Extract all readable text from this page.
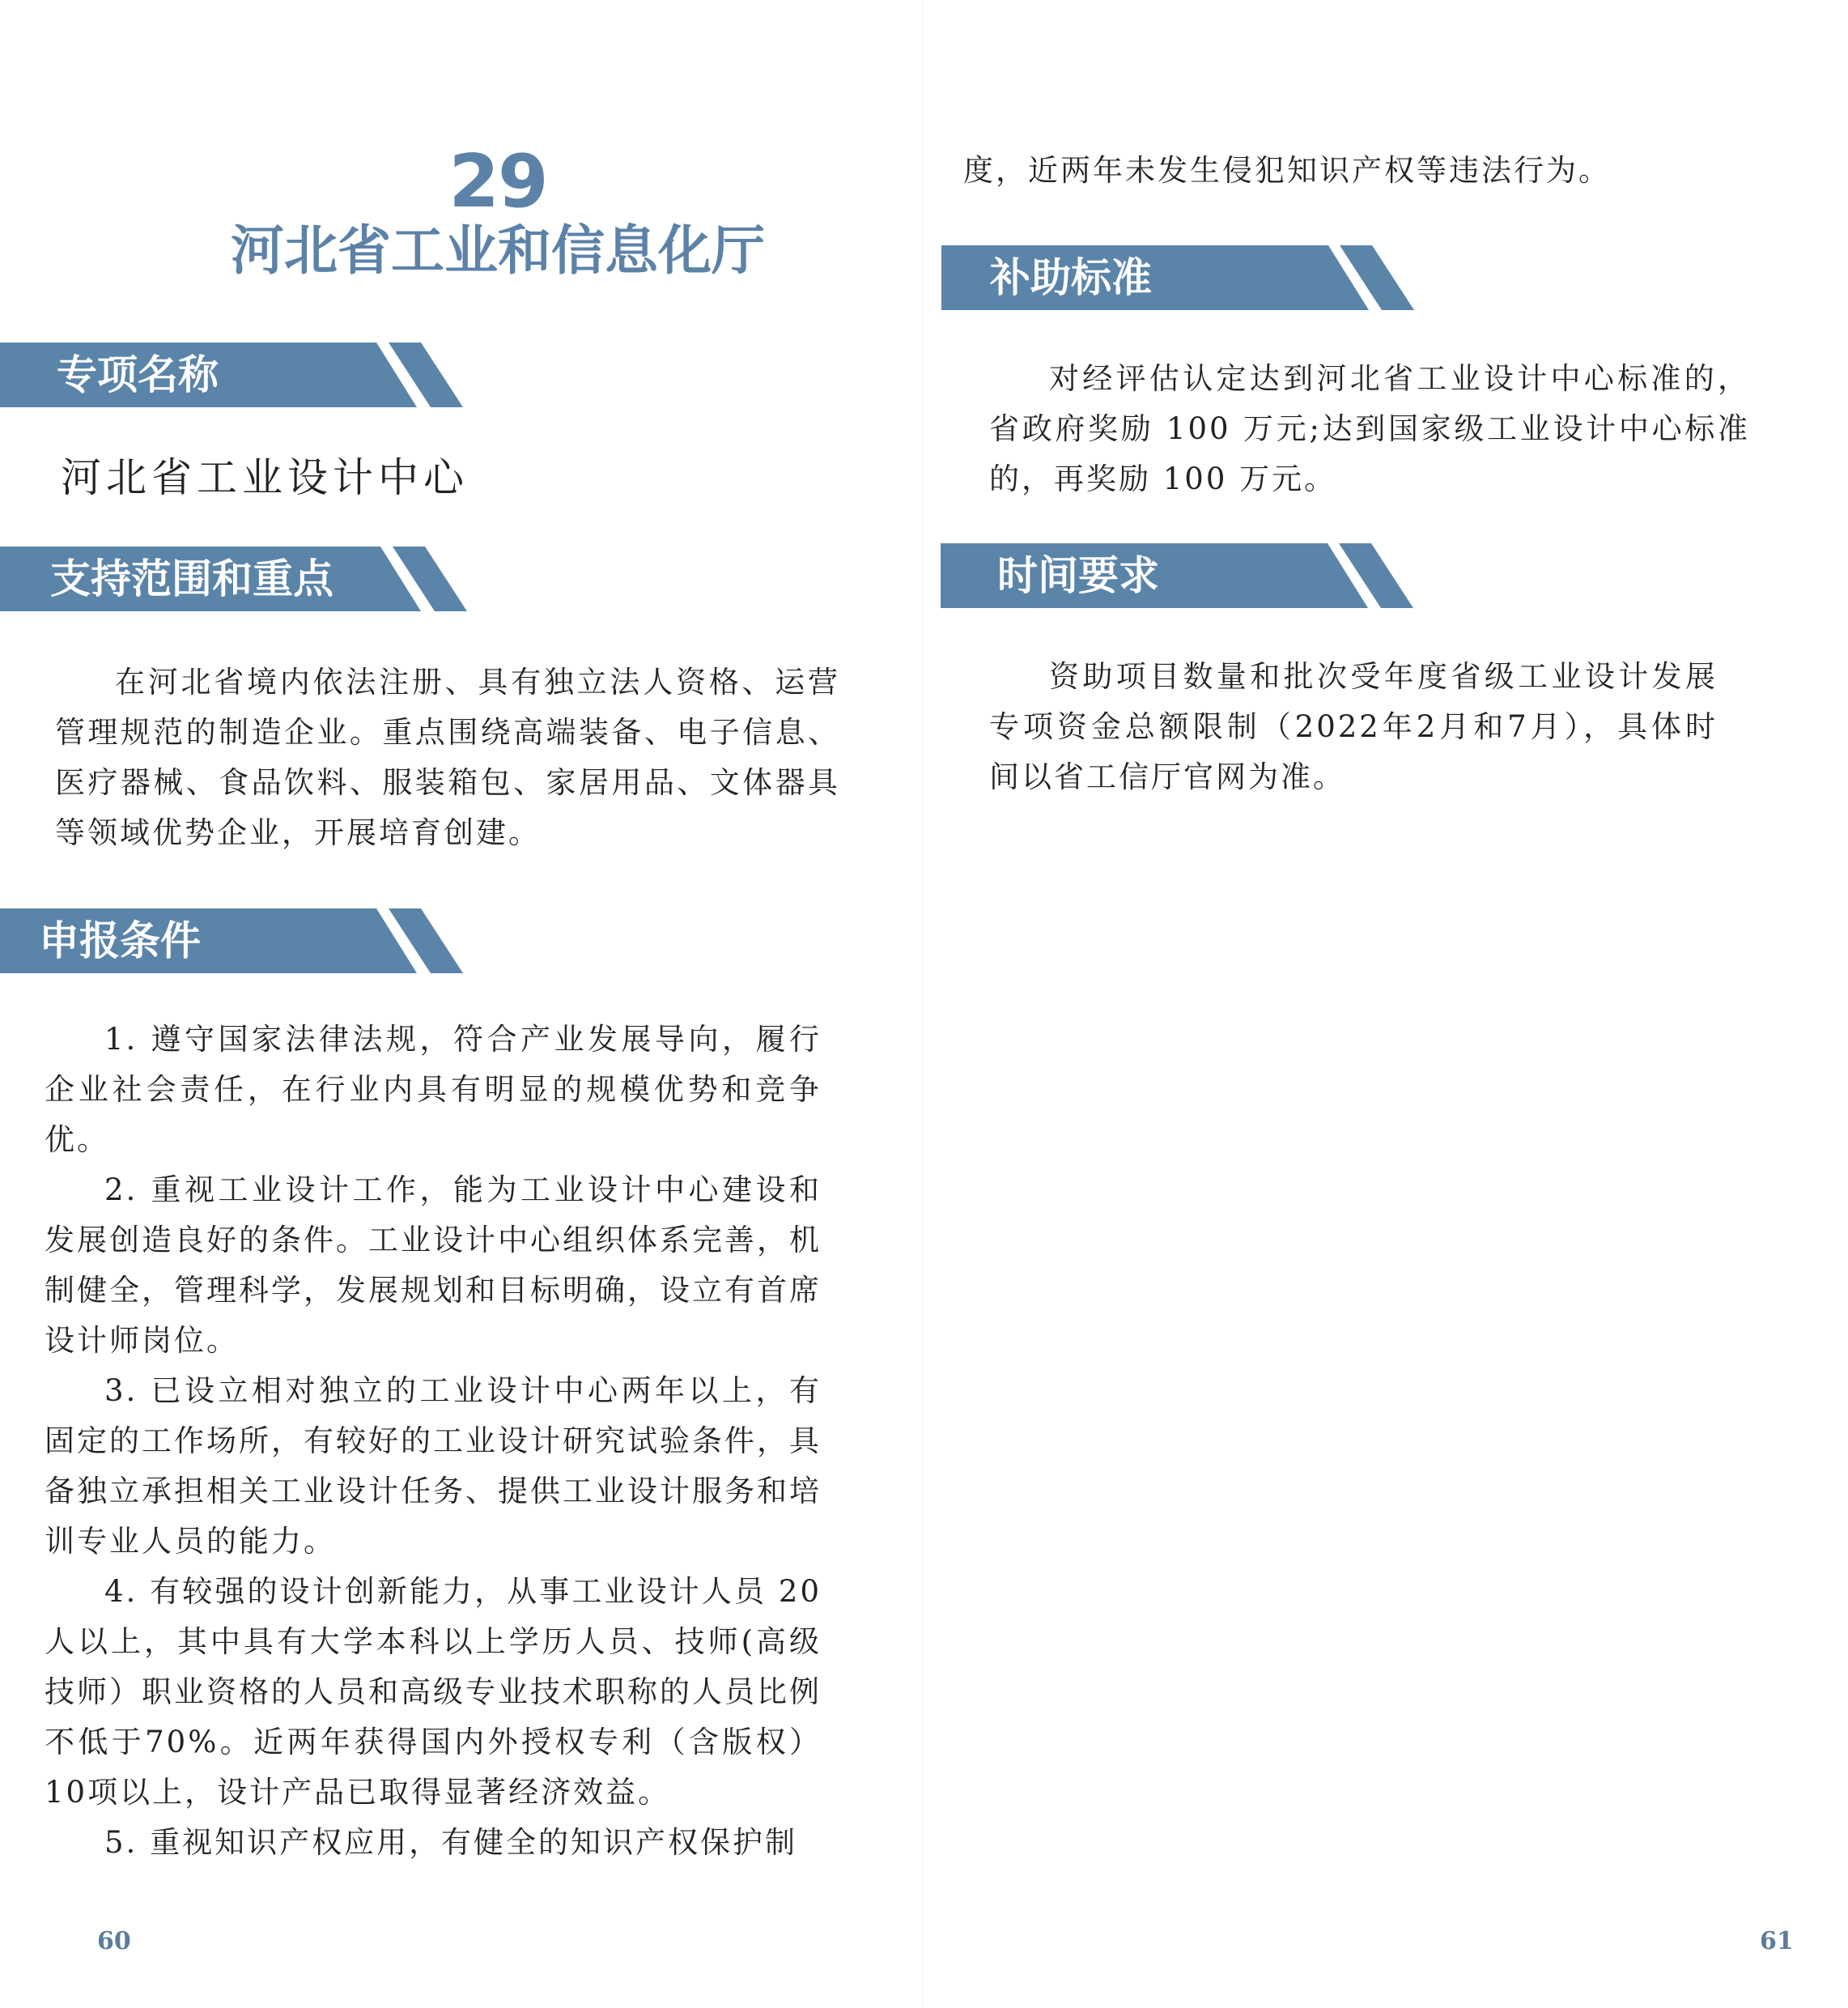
29
河北省工业和信息化厅
专项名称
河北省工业设计中心
支持范围和重点

在河北省境内依法注册、具有独立法人资格、运营管理规范的制造企业。重点围绕高端装备、电子信息、医疗器械、食品饮料、服装箱包、家居用品、文体器具等领域优势企业，开展培育创建。

申报条件

1. 遵守国家法律法规，符合产业发展导向，履行企业社会责任，在行业内具有明显的规模优势和竞争优。

2. 重视工业设计工作，能为工业设计中心建设和发展创造良好的条件。工业设计中心组织体系完善，机制健全，管理科学，发展规划和目标明确，设立有首席设计师岗位。

3. 已设立相对独立的工业设计中心两年以上，有固定的工作场所，有较好的工业设计研究试验条件，具备独立承担相关工业设计任务、提供工业设计服务和培训专业人员的能力。

4. 有较强的设计创新能力，从事工业设计人员 20人以上，其中具有大学本科以上学历人员、技师(高级技师）职业资格的人员和高级专业技术职称的人员比例不低于70%。近两年获得国内外授权专利（含版权）10项以上，设计产品已取得显著经济效益。

5. 重视知识产权应用，有健全的知识产权保护制

60

度，近两年未发生侵犯知识产权等违法行为。

补助标准

对经评估认定达到河北省工业设计中心标准的，省政府奖励 100 万元;达到国家级工业设计中心标准的，再奖励 100 万元。

时间要求

资助项目数量和批次受年度省级工业设计发展专项资金总额限制（2022年2月和7月），具体时间以省工信厅官网为准。

61
